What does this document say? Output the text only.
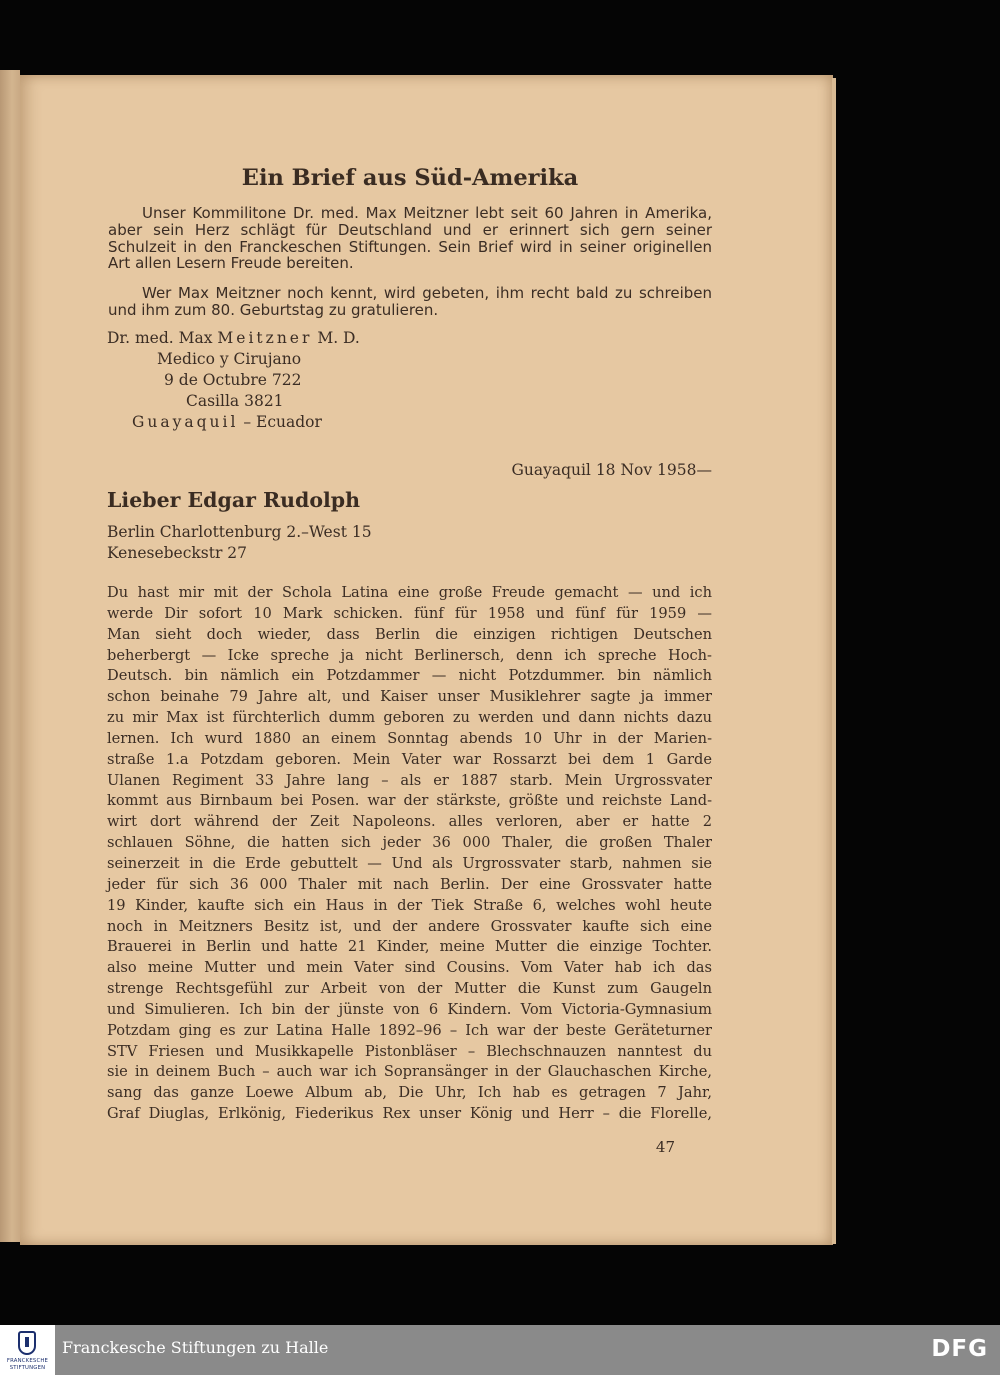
Ein Brief aus Süd-Amerika

Unser Kommilitone Dr. med. Max Meitzner lebt seit 60 Jahren in Amerika, aber sein Herz schlägt für Deutschland und er erinnert sich gern seiner Schulzeit in den Franckeschen Stiftungen. Sein Brief wird in seiner originellen Art allen Lesern Freude bereiten.

Wer Max Meitzner noch kennt, wird gebeten, ihm recht bald zu schreiben und ihm zum 80. Geburtstag zu gratulieren.

Dr. med. Max Meitzner M. D.

Medico y Cirujano

9 de Octubre 722

Casilla 3821

Guayaquil – Ecuador

Guayaquil 18 Nov 1958—

Lieber Edgar Rudolph

Berlin Charlottenburg 2.–West 15

Kenesebeckstr 27

Du hast mir mit der Schola Latina eine große Freude gemacht — und ich
werde Dir sofort 10 Mark schicken. fünf für 1958 und fünf für 1959 —
Man sieht doch wieder, dass Berlin die einzigen richtigen Deutschen
beherbergt — Icke spreche ja nicht Berlinersch, denn ich spreche Hoch-
Deutsch. bin nämlich ein Potzdammer — nicht Potzdummer. bin nämlich
schon beinahe 79 Jahre alt, und Kaiser unser Musiklehrer sagte ja immer
zu mir Max ist fürchterlich dumm geboren zu werden und dann nichts dazu
lernen. Ich wurd 1880 an einem Sonntag abends 10 Uhr in der Marien-
straße 1.a Potzdam geboren. Mein Vater war Rossarzt bei dem 1 Garde
Ulanen Regiment 33 Jahre lang – als er 1887 starb. Mein Urgrossvater
kommt aus Birnbaum bei Posen. war der stärkste, größte und reichste Land-
wirt dort während der Zeit Napoleons. alles verloren, aber er hatte 2
schlauen Söhne, die hatten sich jeder 36 000 Thaler, die großen Thaler
seinerzeit in die Erde gebuttelt — Und als Urgrossvater starb, nahmen sie
jeder für sich 36 000 Thaler mit nach Berlin. Der eine Grossvater hatte
19 Kinder, kaufte sich ein Haus in der Tiek Straße 6, welches wohl heute
noch in Meitzners Besitz ist, und der andere Grossvater kaufte sich eine
Brauerei in Berlin und hatte 21 Kinder, meine Mutter die einzige Tochter.
also meine Mutter und mein Vater sind Cousins. Vom Vater hab ich das
strenge Rechtsgefühl zur Arbeit von der Mutter die Kunst zum Gaugeln
und Simulieren. Ich bin der jünste von 6 Kindern. Vom Victoria-Gymnasium
Potzdam ging es zur Latina Halle 1892–96 – Ich war der beste Geräteturner
STV Friesen und Musikkapelle Pistonbläser – Blechschnauzen nanntest du
sie in deinem Buch – auch war ich Sopransänger in der Glauchaschen Kirche,
sang das ganze Loewe Album ab, Die Uhr, Ich hab es getragen 7 Jahr,
Graf Diuglas, Erlkönig, Fiederikus Rex unser König und Herr – die Florelle,

47

FRANCKESCHE
STIFTUNGEN

Franckesche Stiftungen zu Halle	DFG
